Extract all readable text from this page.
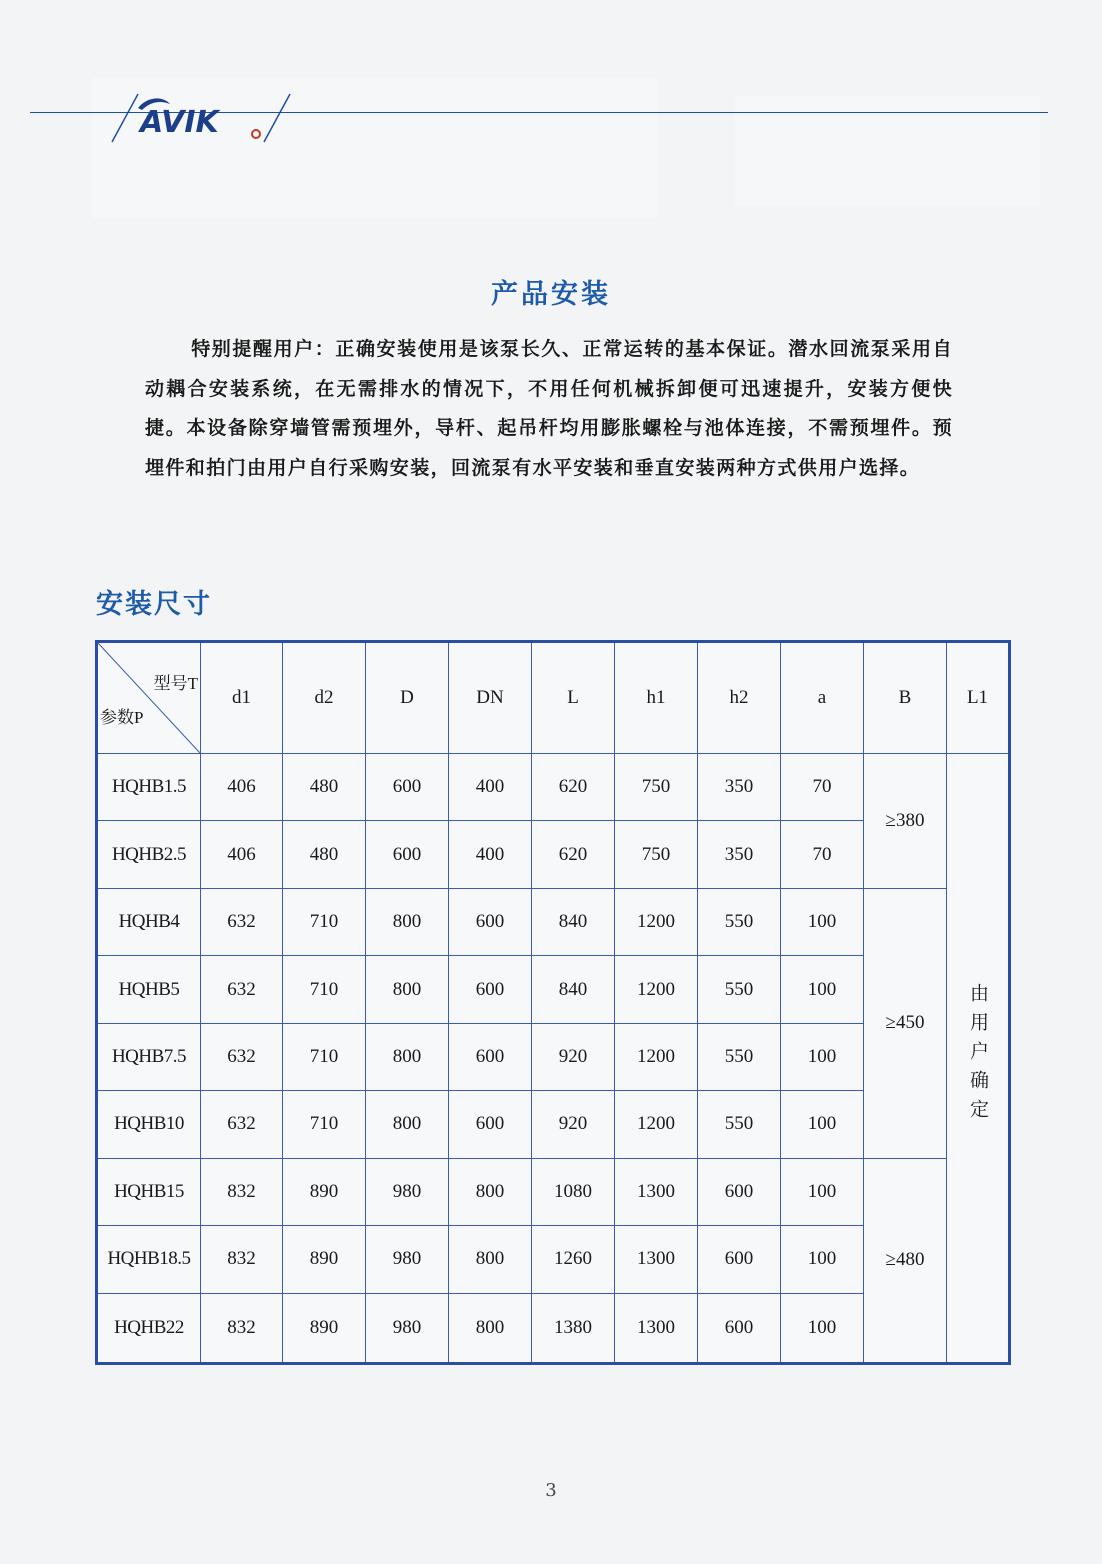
AVIK
产品安装
特别提醒用户：正确安装使用是该泵长久、正常运转的基本保证。潜水回流泵采用自动耦合安装系统，在无需排水的情况下，不用任何机械拆卸便可迅速提升，安装方便快捷。本设备除穿墙管需预埋外，导杆、起吊杆均用膨胀螺栓与池体连接，不需预埋件。预埋件和拍门由用户自行采购安装，回流泵有水平安装和垂直安装两种方式供用户选择。
安装尺寸
型号T
参数P	d1	d2	D	DN	L	h1	h2	a	B	L1
HQHB1.5	406	480	600	400	620	750	350	70	≥380	由用户确定
HQHB2.5	406	480	600	400	620	750	350	70		
HQHB4	632	710	800	600	840	1200	550	100	≥450	
HQHB5	632	710	800	600	840	1200	550	100		
HQHB7.5	632	710	800	600	920	1200	550	100		
HQHB10	632	710	800	600	920	1200	550	100		
HQHB15	832	890	980	800	1080	1300	600	100	≥480	
HQHB18.5	832	890	980	800	1260	1300	600	100		
HQHB22	832	890	980	800	1380	1300	600	100		
3
